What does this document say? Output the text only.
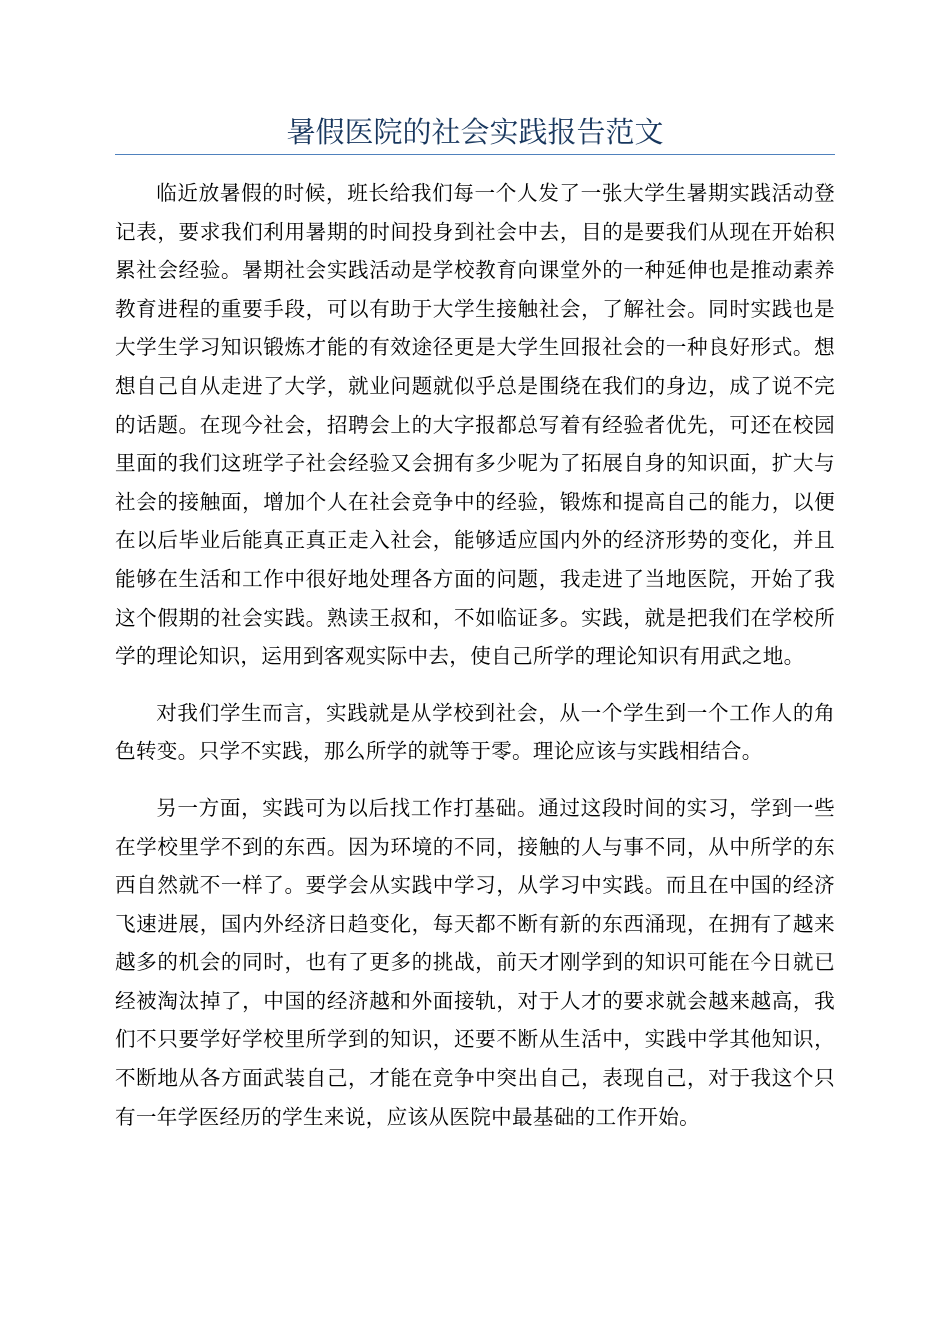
暑假医院的社会实践报告范文

临近放暑假的时候，班长给我们每一个人发了一张大学生暑期实践活动登记表，要求我们利用暑期的时间投身到社会中去，目的是要我们从现在开始积累社会经验。暑期社会实践活动是学校教育向课堂外的一种延伸也是推动素养教育进程的重要手段，可以有助于大学生接触社会，了解社会。同时实践也是大学生学习知识锻炼才能的有效途径更是大学生回报社会的一种良好形式。想想自己自从走进了大学，就业问题就似乎总是围绕在我们的身边，成了说不完的话题。在现今社会，招聘会上的大字报都总写着有经验者优先，可还在校园里面的我们这班学子社会经验又会拥有多少呢为了拓展自身的知识面，扩大与社会的接触面，增加个人在社会竞争中的经验，锻炼和提高自己的能力，以便在以后毕业后能真正真正走入社会，能够适应国内外的经济形势的变化，并且能够在生活和工作中很好地处理各方面的问题，我走进了当地医院，开始了我这个假期的社会实践。熟读王叔和，不如临证多。实践，就是把我们在学校所学的理论知识，运用到客观实际中去，使自己所学的理论知识有用武之地。

对我们学生而言，实践就是从学校到社会，从一个学生到一个工作人的角色转变。只学不实践，那么所学的就等于零。理论应该与实践相结合。

另一方面，实践可为以后找工作打基础。通过这段时间的实习，学到一些在学校里学不到的东西。因为环境的不同，接触的人与事不同，从中所学的东西自然就不一样了。要学会从实践中学习，从学习中实践。而且在中国的经济飞速进展，国内外经济日趋变化，每天都不断有新的东西涌现，在拥有了越来越多的机会的同时，也有了更多的挑战，前天才刚学到的知识可能在今日就已经被淘汰掉了，中国的经济越和外面接轨，对于人才的要求就会越来越高，我们不只要学好学校里所学到的知识，还要不断从生活中，实践中学其他知识，不断地从各方面武装自己，才能在竞争中突出自己，表现自己，对于我这个只有一年学医经历的学生来说，应该从医院中最基础的工作开始。
